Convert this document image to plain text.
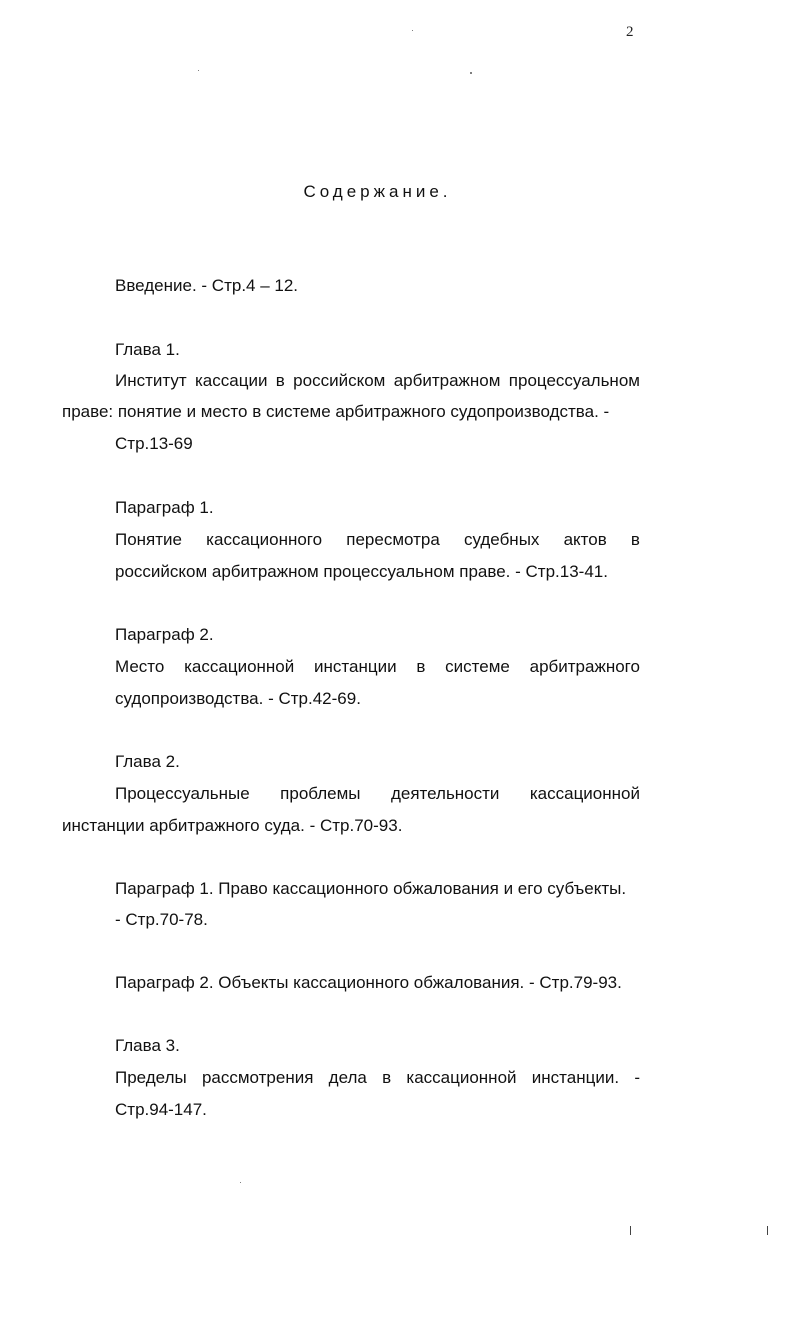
2
Содержание.
Введение. - Стр.4 – 12.
Глава 1.
Институт кассации в российском арбитражном процессуальном
праве: понятие и место в системе арбитражного судопроизводства. -
Стр.13-69
Параграф 1.
Понятие кассационного пересмотра судебных актов в
российском арбитражном процессуальном праве. - Стр.13-41.
Параграф 2.
Место кассационной инстанции в системе арбитражного
судопроизводства. - Стр.42-69.
Глава 2.
Процессуальные проблемы деятельности кассационной
инстанции арбитражного суда. - Стр.70-93.
Параграф 1. Право кассационного обжалования и его субъекты.
- Стр.70-78.
Параграф 2. Объекты кассационного обжалования. - Стр.79-93.
Глава 3.
Пределы рассмотрения дела в кассационной инстанции. -
Стр.94-147.
